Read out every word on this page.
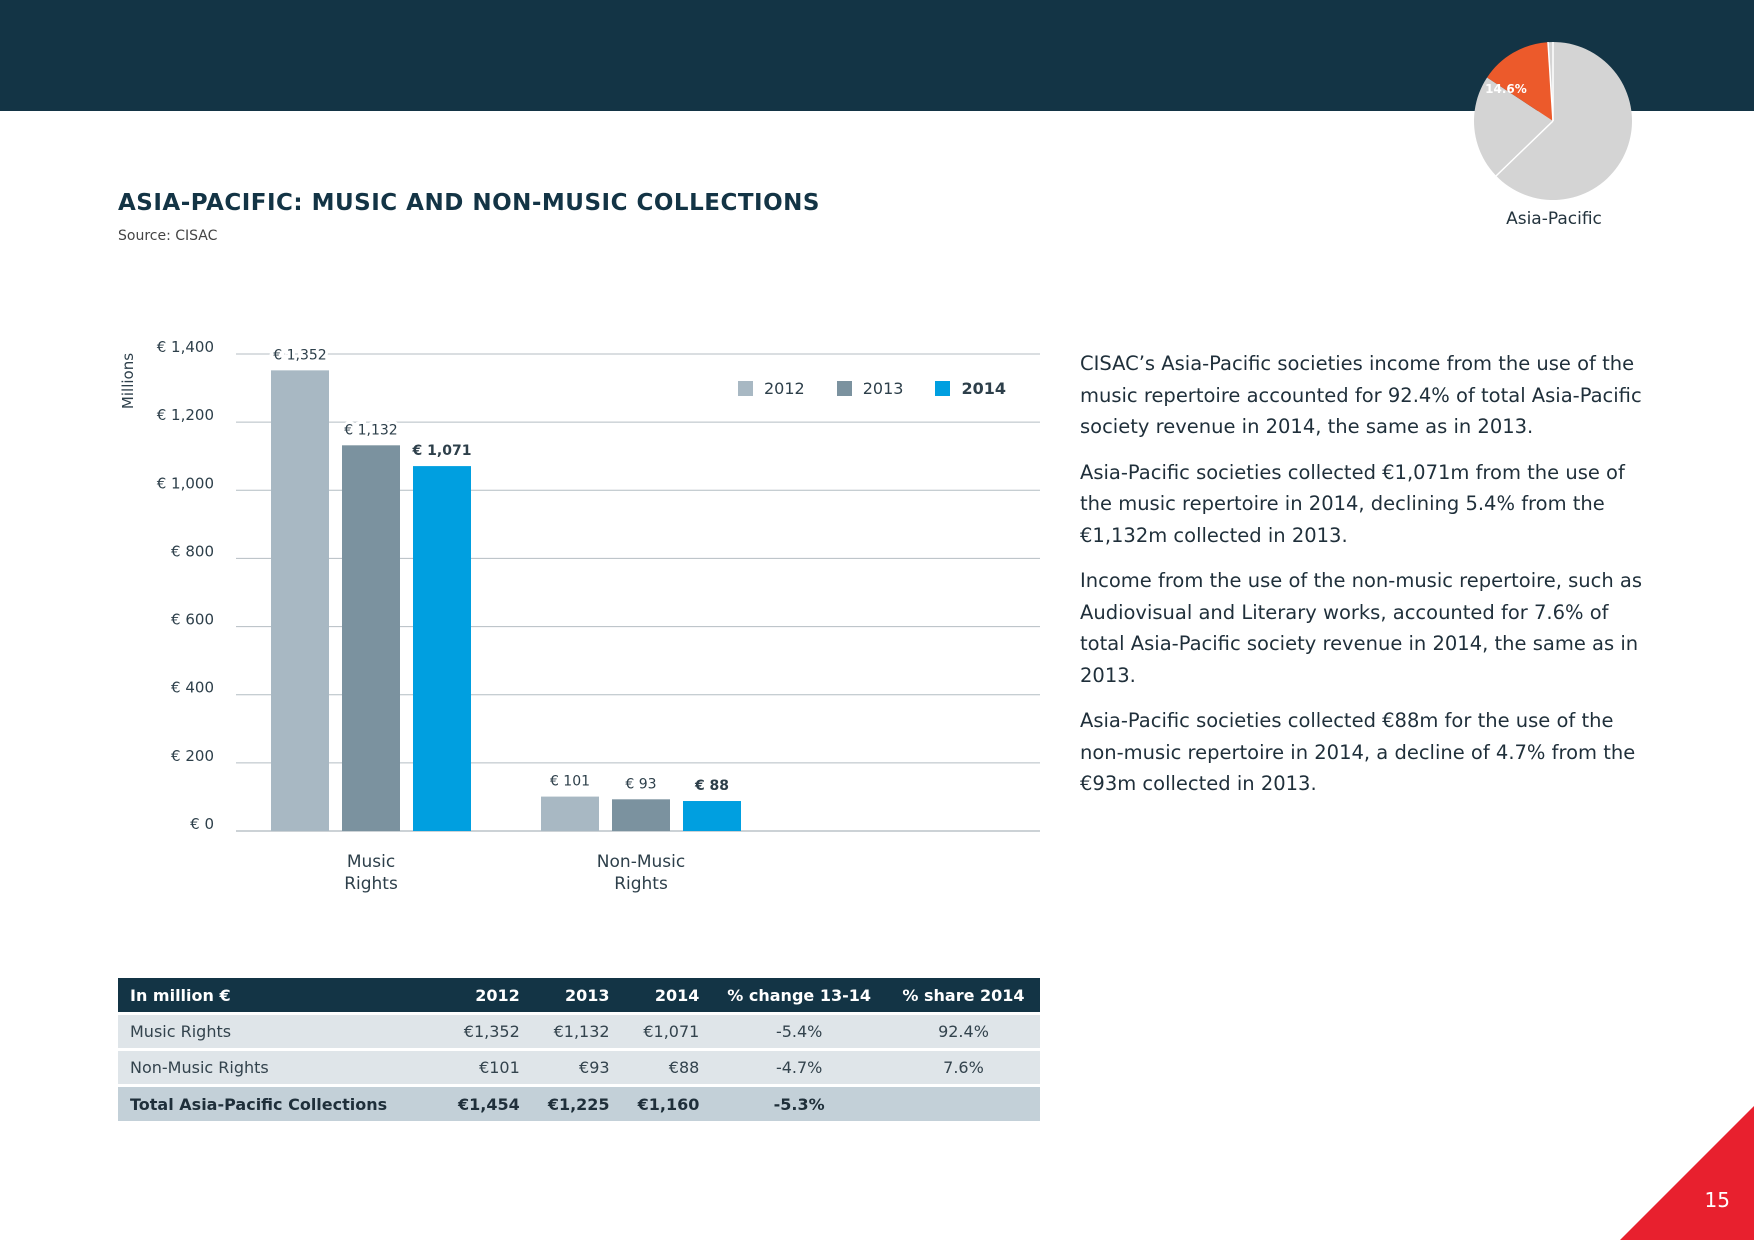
14.6%
Asia-Pacific
ASIA-PACIFIC: MUSIC AND NON-MUSIC COLLECTIONS
Source: CISAC
€ 0
€ 200
€ 400
€ 600
€ 800
€ 1,000
€ 1,200
€ 1,400	€ 1,352
€ 101
€ 1,132
€ 93
€ 1,071
€ 88
Music Rights
Non-Music Rights
Millions	2012	2013	2014

CISAC’s Asia-Pacific societies income from the use of the music repertoire accounted for 92.4% of total Asia-Pacific society revenue in 2014, the same as in 2013.

Asia-Pacific societies collected €1,071m from the use of the music repertoire in 2014, declining 5.4% from the €1,132m collected in 2013.

Income from the use of the non-music repertoire, such as Audiovisual and Literary works, accounted for 7.6% of total Asia-Pacific society revenue in 2014, the same as in 2013.

Asia-Pacific societies collected €88m for the use of the non-music repertoire in 2014, a decline of 4.7% from the €93m collected in 2013.

In million €	2012	2013	2014	% change 13-14	% share 2014
Music Rights	€1,352	€1,132	€1,071	-5.4%	92.4%
Non-Music Rights	€101	€93	€88	-4.7%	7.6%
Total Asia-Pacific Collections	€1,454	€1,225	€1,160	-5.3%	
15
